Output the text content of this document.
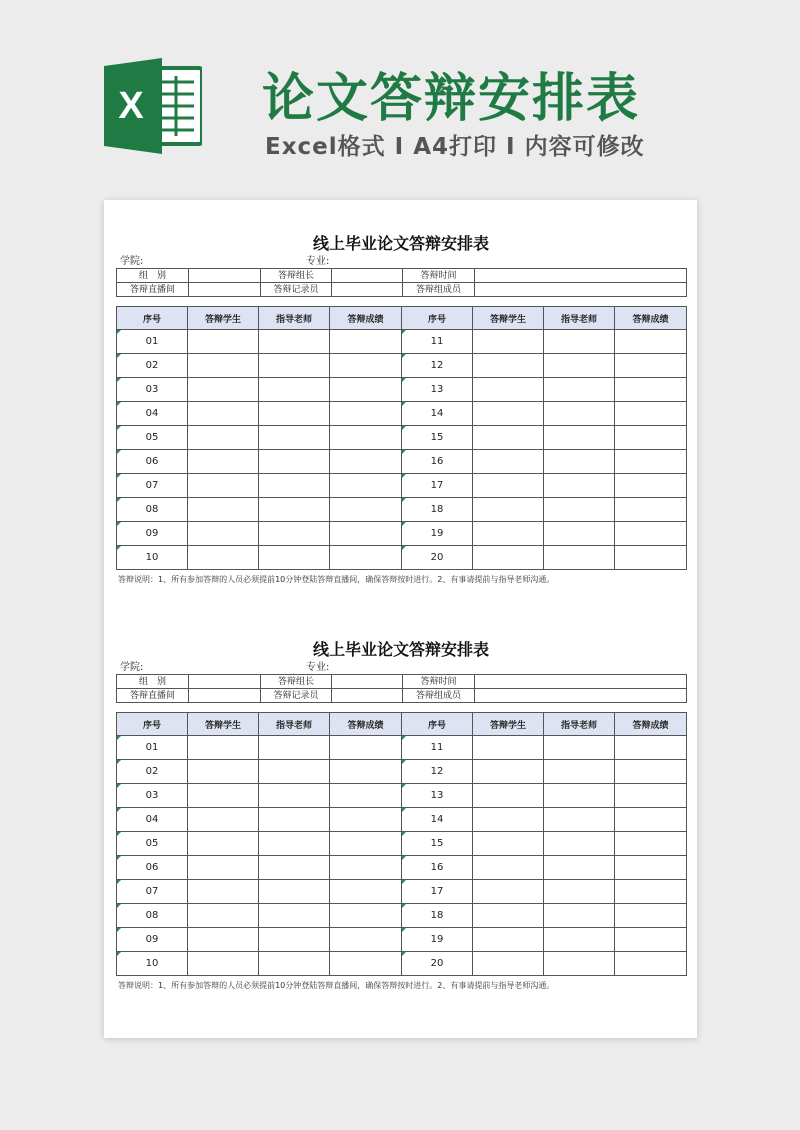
X 论文答辩安排表
Excel格式 I A4打印 I 内容可修改
线上毕业论文答辩安排表
学院:	专业:
组　别		答辩组长		答辩时间	
答辩直播间		答辩记录员		答辩组成员	
序号	答辩学生	指导老师	答辩成绩	序号	答辩学生	指导老师	答辩成绩
01				11			
02				12			
03				13			
04				14			
05				15			
06				16			
07				17			
08				18			
09				19			
10				20			
答辩说明：1、所有参加答辩的人员必须提前10分钟登陆答辩直播间，确保答辩按时进行。2、有事请提前与指导老师沟通。
线上毕业论文答辩安排表
学院:	专业:
组　别		答辩组长		答辩时间	
答辩直播间		答辩记录员		答辩组成员	
序号	答辩学生	指导老师	答辩成绩	序号	答辩学生	指导老师	答辩成绩
01				11			
02				12			
03				13			
04				14			
05				15			
06				16			
07				17			
08				18			
09				19			
10				20			
答辩说明：1、所有参加答辩的人员必须提前10分钟登陆答辩直播间，确保答辩按时进行。2、有事请提前与指导老师沟通。
